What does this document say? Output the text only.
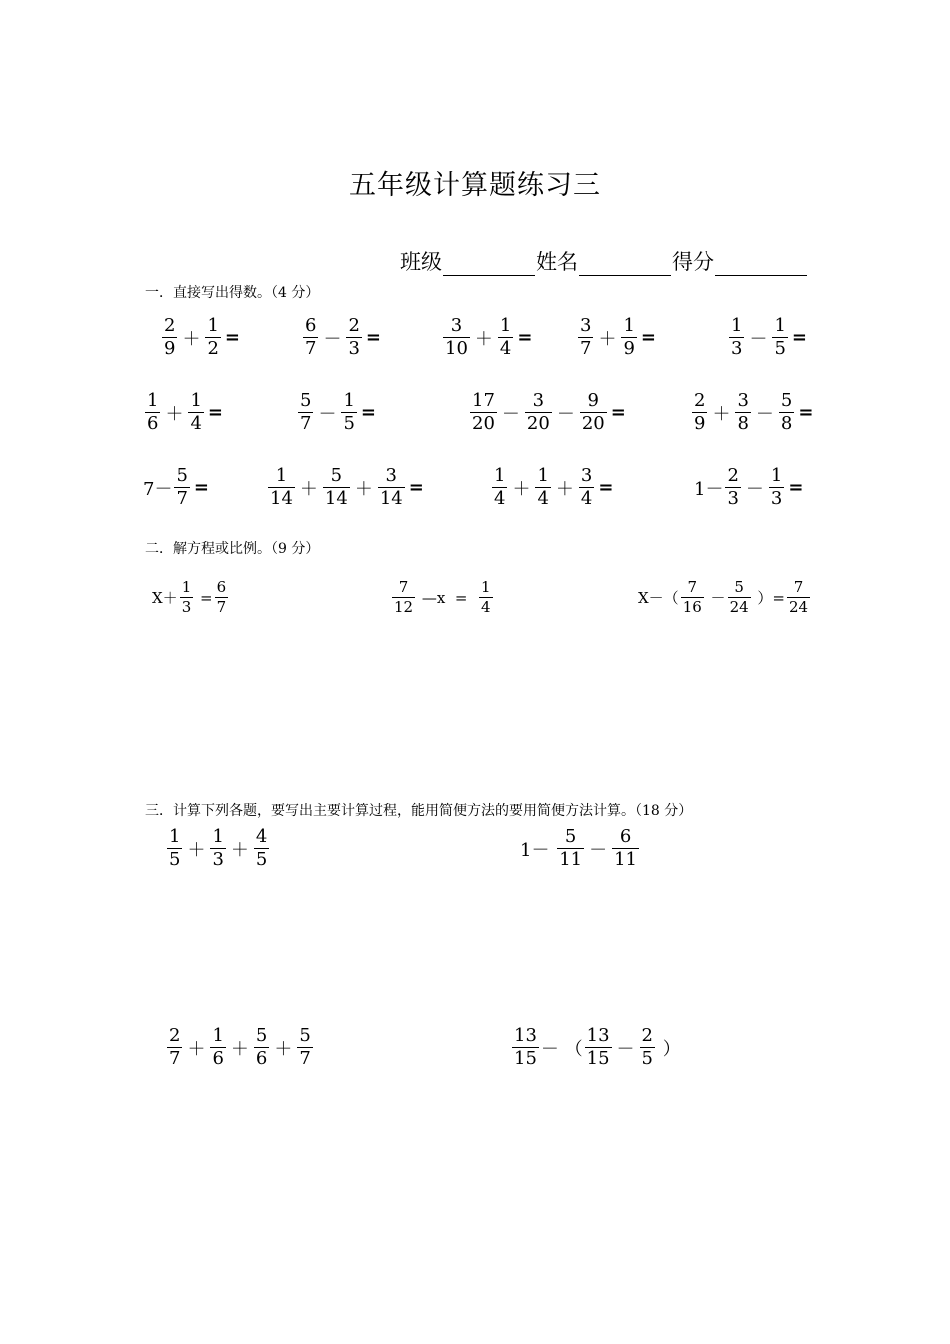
五年级计算题练习三
班级	姓名	得分
一．直接写出得数。（4 分）
$\frac{2}{9} + \frac{1}{2}$ =	$\frac{6}{7} - \frac{2}{3}$ =	$\frac{3}{10} + \frac{1}{4}$ =	$\frac{3}{7} + \frac{1}{9}$ =	$\frac{1}{3} - \frac{1}{5}$ =
$\frac{1}{6} + \frac{1}{4}$ =	$\frac{5}{7} - \frac{1}{5}$ =	$\frac{17}{20} - \frac{3}{20} - \frac{9}{20}$ =	$\frac{2}{9} + \frac{3}{8} - \frac{5}{8}$ =
$7- \frac{5}{7}$ =	$\frac{1}{14} + \frac{5}{14} + \frac{3}{14}$ =	$\frac{1}{4} + \frac{1}{4} + \frac{3}{4}$ =	$1- \frac{2}{3} - \frac{1}{3}$ =
二．解方程或比例。（9 分）
$X+ \frac{1}{3} = \frac{6}{7}$	$\frac{7}{12}$ —x  = $\frac{1}{4}$	$X-( \frac{7}{16} - \frac{5}{24}$ ）= $\frac{7}{24}$
三．计算下列各题，要写出主要计算过程，能用简便方法的要用简便方法计算。（18 分）
$\frac{1}{5} + \frac{1}{3} + \frac{4}{5}$	$1- \frac{5}{11} - \frac{6}{11}$
$\frac{2}{7} + \frac{1}{6} + \frac{5}{6} + \frac{5}{7}$	$\frac{13}{15}$ － （ $\frac{13}{15} - \frac{2}{5}$ ）
